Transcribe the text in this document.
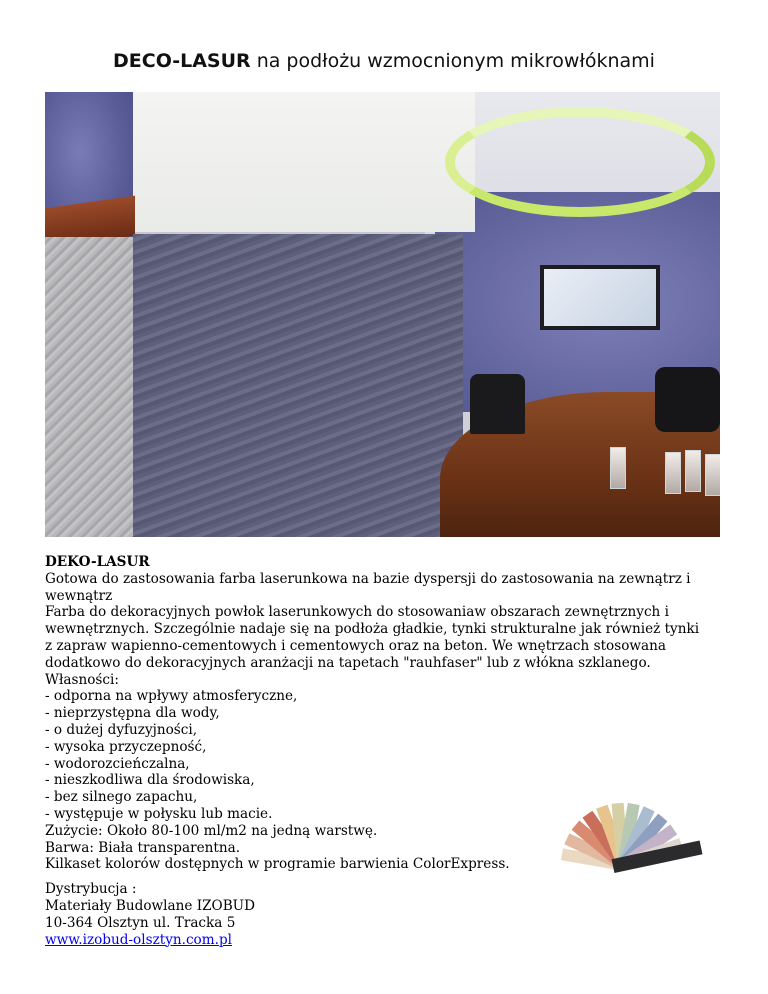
DECO-LASUR na podłożu wzmocnionym mikrowłóknami

DEKO-LASUR

Gotowa do zastosowania farba laserunkowa na bazie dyspersji do zastosowania na zewnątrz i wewnątrz

Farba do dekoracyjnych powłok laserunkowych do stosowaniaw obszarach zewnętrznych i wewnętrznych. Szczególnie nadaje się na podłoża gładkie, tynki strukturalne jak również tynki z zapraw wapienno-cementowych i cementowych oraz na beton. We wnętrzach stosowana dodatkowo do dekoracyjnych aranżacji na tapetach "rauhfaser" lub z włókna szklanego.

Własności:

- odporna na wpływy atmosferyczne,

- nieprzystępna dla wody,

- o dużej dyfuzyjności,

- wysoka przyczepność,

- wodorozcieńczalna,

- nieszkodliwa dla środowiska,

- bez silnego zapachu,

- występuje w połysku lub macie.

Zużycie: Około 80-100 ml/m2 na jedną warstwę.

Barwa: Biała transparentna.

Kilkaset kolorów dostępnych w programie barwienia ColorExpress.

Dystrybucja :

Materiały Budowlane IZOBUD

10-364 Olsztyn ul. Tracka 5

www.izobud-olsztyn.com.pl
